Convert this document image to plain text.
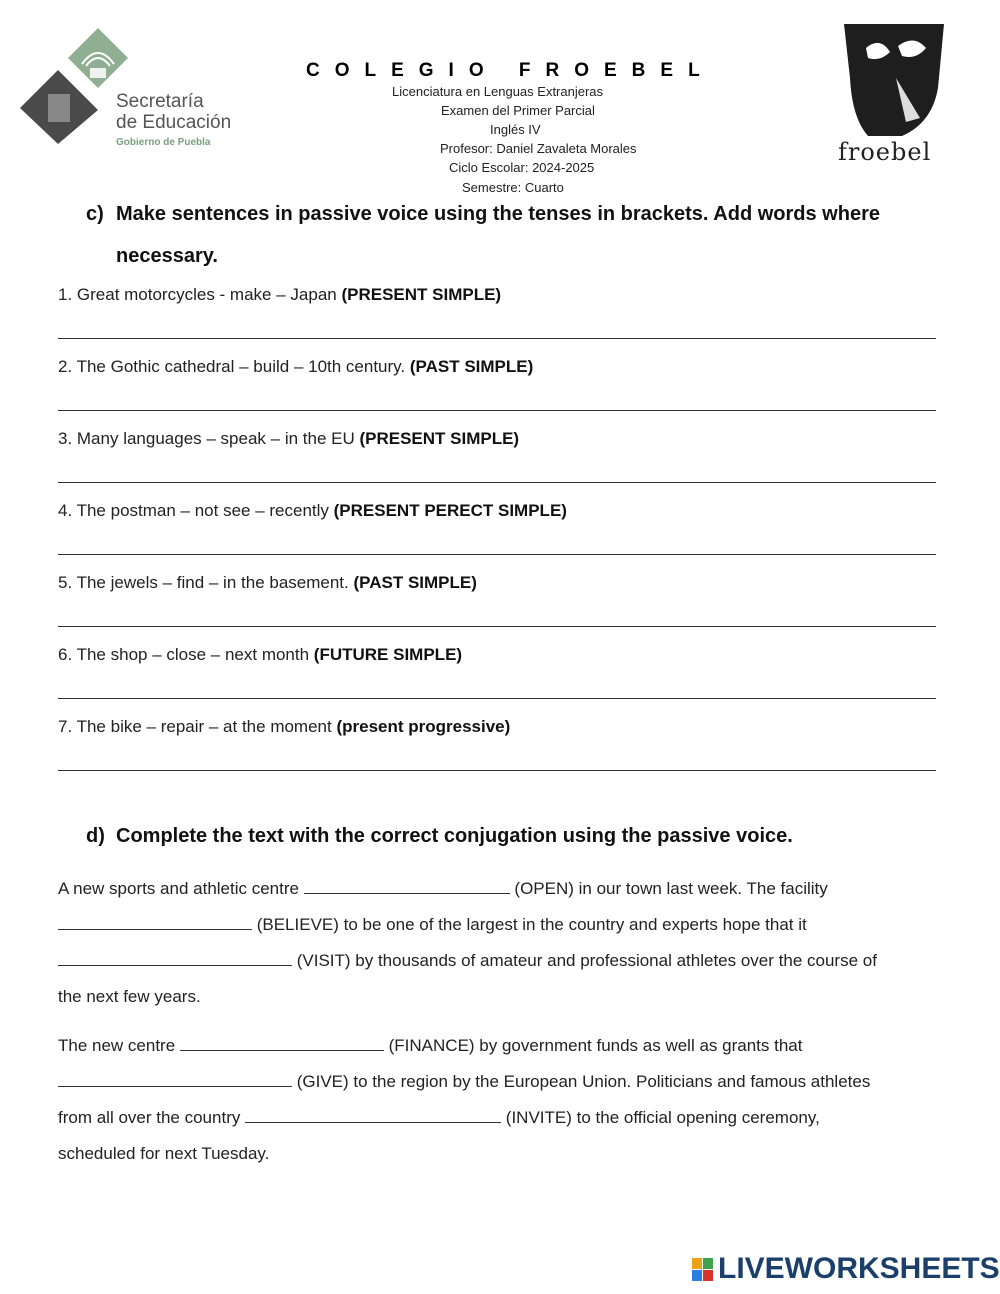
Secretaría
de Educación
Gobierno de Puebla
COLEGIO FROEBEL
Licenciatura en Lenguas Extranjeras
Examen del Primer Parcial
Inglés IV
Profesor: Daniel Zavaleta Morales
Ciclo Escolar: 2024-2025
Semestre: Cuarto
froebel
c) Make sentences in passive voice using the tenses in brackets. Add words where
necessary.
1. Great motorcycles - make – Japan (PRESENT SIMPLE)
2. The Gothic cathedral – build – 10th century. (PAST SIMPLE)
3. Many languages – speak – in the EU (PRESENT SIMPLE)
4. The postman – not see – recently (PRESENT PERECT SIMPLE)
5. The jewels – find – in the basement. (PAST SIMPLE)
6. The shop – close – next month (FUTURE SIMPLE)
7. The bike – repair – at the moment (present progressive)
d) Complete the text with the correct conjugation using the passive voice.
A new sports and athletic centre	(OPEN) in our town last week. The facility
(BELIEVE) to be one of the largest in the country and experts hope that it
(VISIT) by thousands of amateur and professional athletes over the course of
the next few years.
The new centre	(FINANCE) by government funds as well as grants that
(GIVE) to the region by the European Union. Politicians and famous athletes
from all over the country	(INVITE) to the official opening ceremony,
scheduled for next Tuesday.
LIVEWORKSHEETS
